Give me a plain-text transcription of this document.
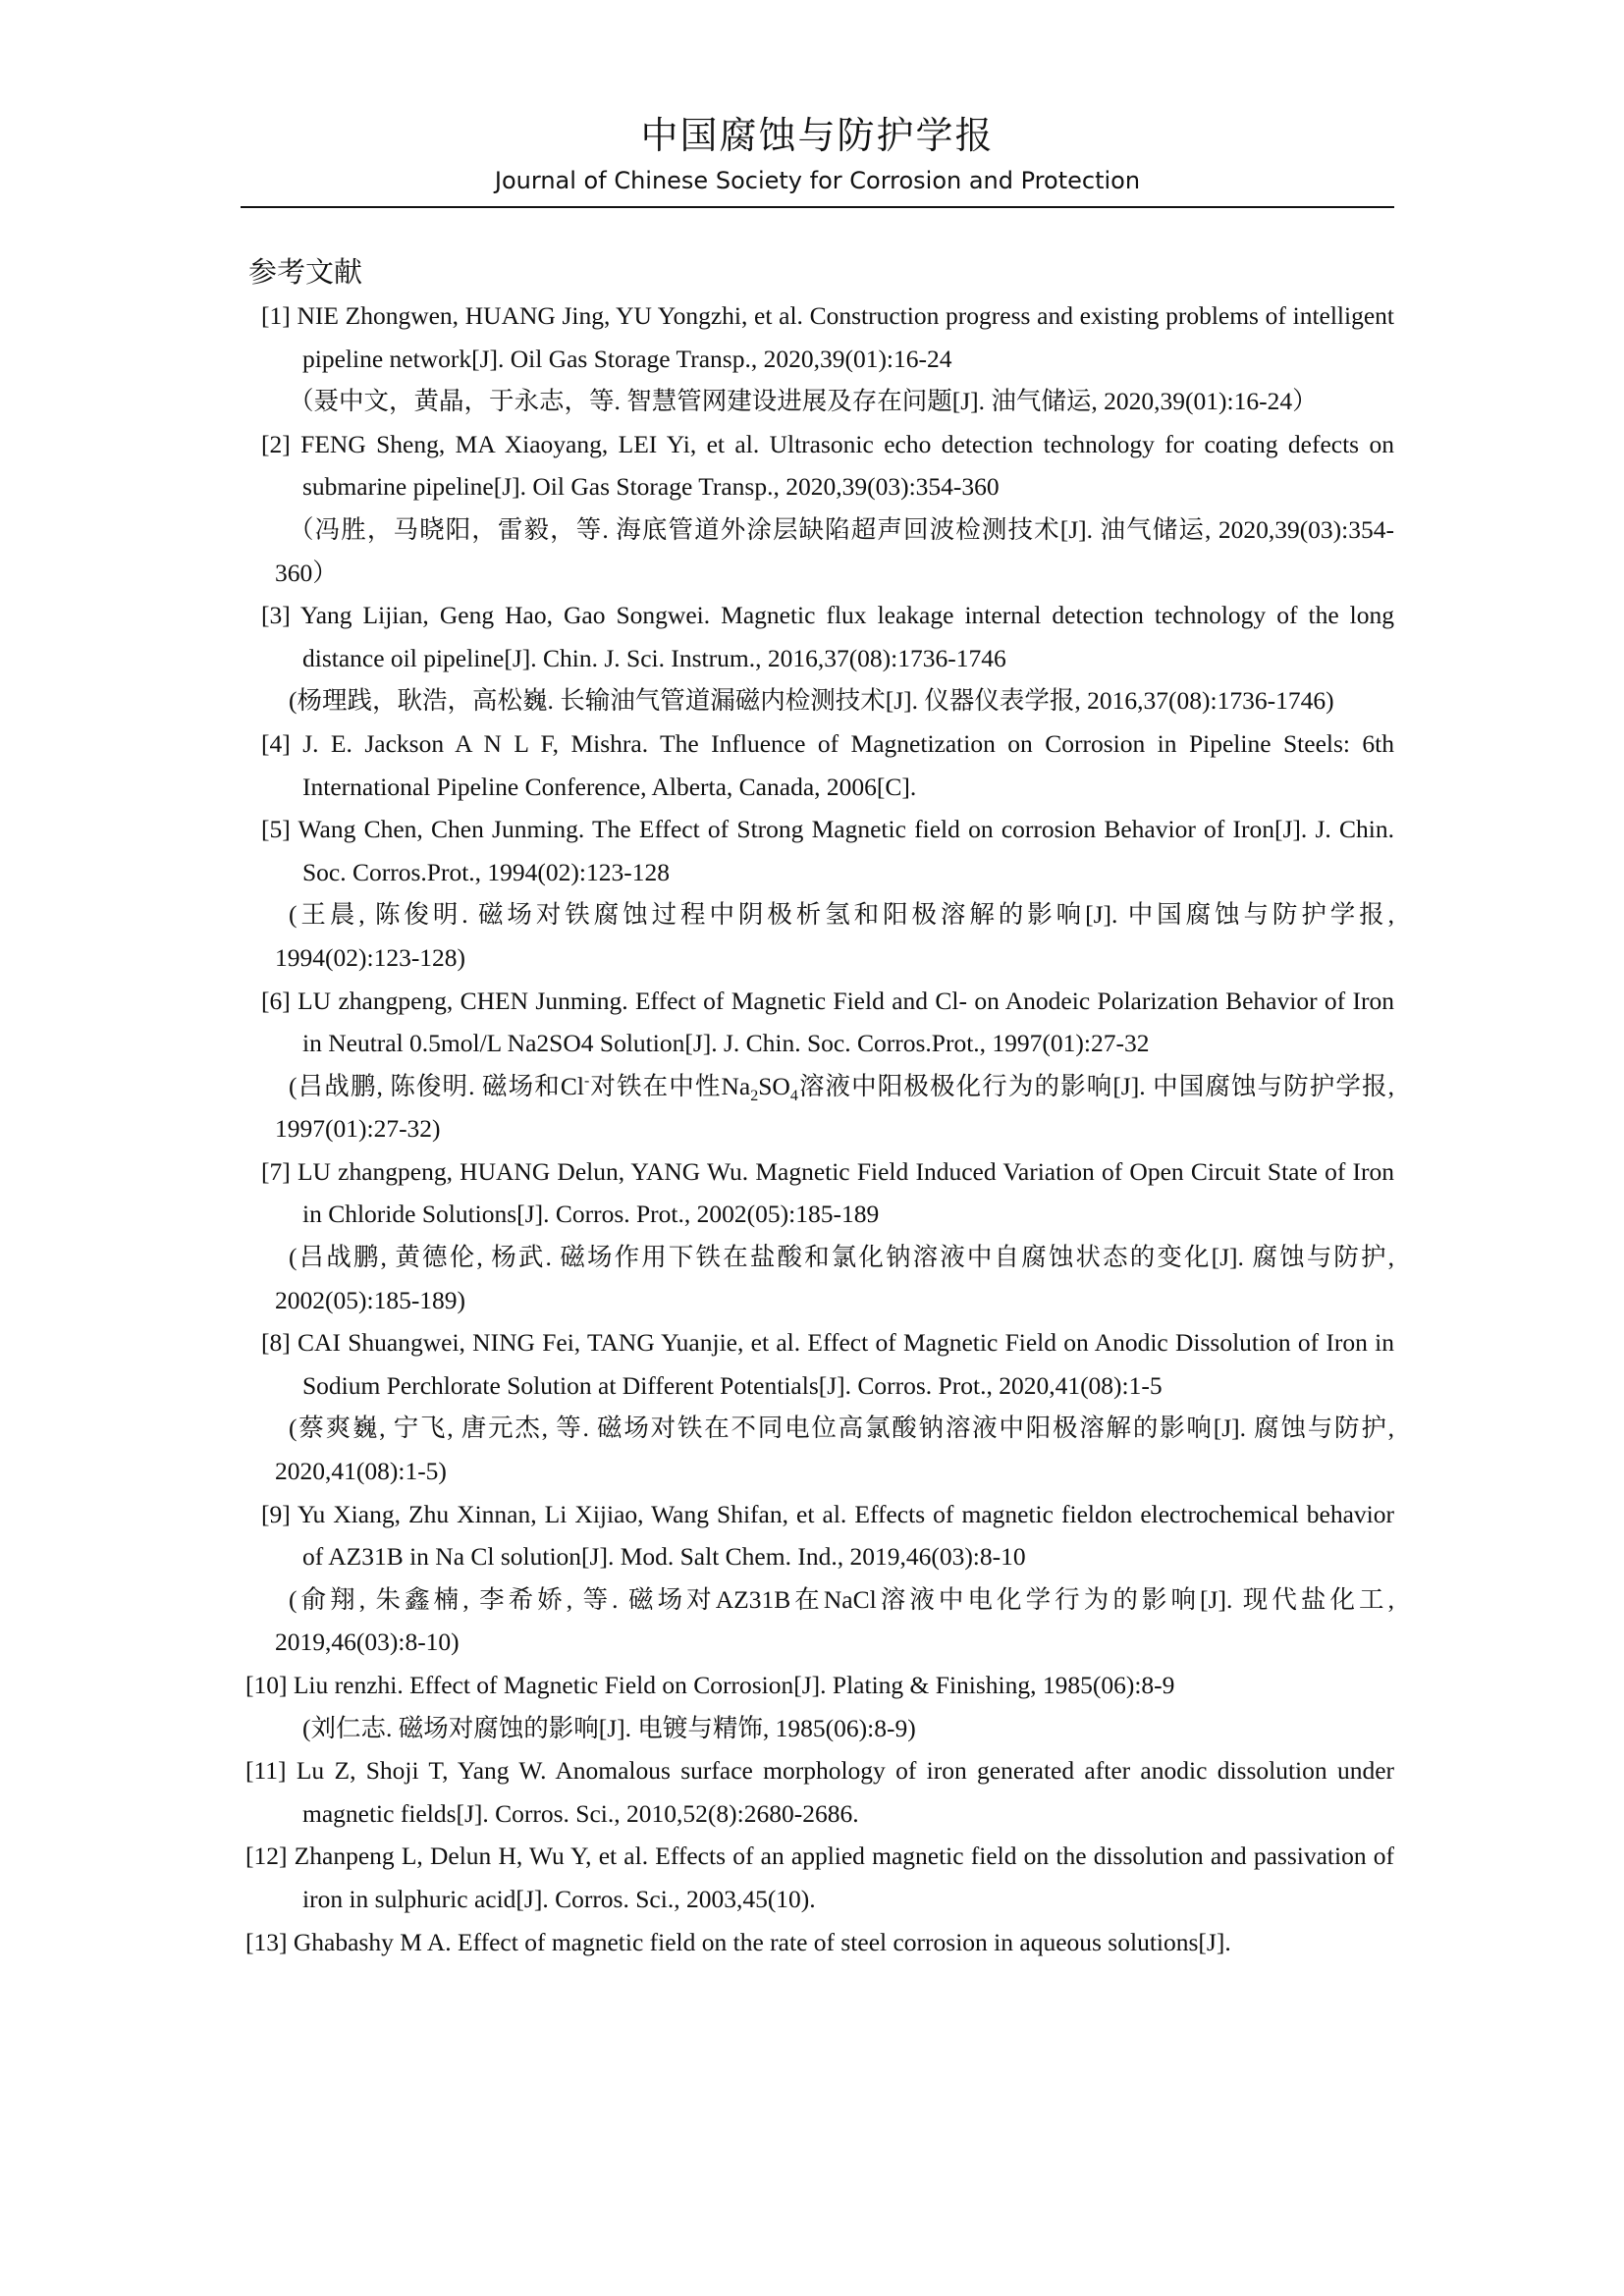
中国腐蚀与防护学报
Journal of Chinese Society for Corrosion and Protection
参考文献
[1] NIE Zhongwen, HUANG Jing, YU Yongzhi, et al. Construction progress and existing problems of intelligent pipeline network[J]. Oil Gas Storage Transp., 2020,39(01):16-24
（聂中文，黄晶，于永志，等. 智慧管网建设进展及存在问题[J]. 油气储运, 2020,39(01):16-24）
[2] FENG Sheng, MA Xiaoyang, LEI Yi, et al. Ultrasonic echo detection technology for coating defects on submarine pipeline[J]. Oil Gas Storage Transp., 2020,39(03):354-360
（冯胜，马晓阳，雷毅，等. 海底管道外涂层缺陷超声回波检测技术[J]. 油气储运, 2020,39(03):354-360）
[3] Yang Lijian, Geng Hao, Gao Songwei. Magnetic flux leakage internal detection technology of the long distance oil pipeline[J]. Chin. J. Sci. Instrum., 2016,37(08):1736-1746
(杨理践，耿浩，高松巍. 长输油气管道漏磁内检测技术[J]. 仪器仪表学报, 2016,37(08):1736-1746)
[4] J. E. Jackson A N L F, Mishra. The Influence of Magnetization on Corrosion in Pipeline Steels: 6th International Pipeline Conference, Alberta, Canada, 2006[C].
[5] Wang Chen, Chen Junming. The Effect of Strong Magnetic field on corrosion Behavior of Iron[J]. J. Chin. Soc. Corros.Prot., 1994(02):123-128
(王晨, 陈俊明. 磁场对铁腐蚀过程中阴极析氢和阳极溶解的影响[J]. 中国腐蚀与防护学报, 1994(02):123-128)
[6] LU zhangpeng, CHEN Junming. Effect of Magnetic Field and Cl- on Anodeic Polarization Behavior of Iron in Neutral 0.5mol/L Na2SO4 Solution[J]. J. Chin. Soc. Corros.Prot., 1997(01):27-32
(吕战鹏, 陈俊明. 磁场和Cl-对铁在中性$Na_2SO_4$溶液中阳极极化行为的影响[J]. 中国腐蚀与防护学报, 1997(01):27-32)
[7] LU zhangpeng, HUANG Delun, YANG Wu. Magnetic Field Induced Variation of Open Circuit State of Iron in Chloride Solutions[J]. Corros. Prot., 2002(05):185-189
(吕战鹏, 黄德伦, 杨武. 磁场作用下铁在盐酸和氯化钠溶液中自腐蚀状态的变化[J]. 腐蚀与防护, 2002(05):185-189)
[8] CAI Shuangwei, NING Fei, TANG Yuanjie, et al. Effect of Magnetic Field on Anodic Dissolution of Iron in Sodium Perchlorate Solution at Different Potentials[J]. Corros. Prot., 2020,41(08):1-5
(蔡爽巍, 宁飞, 唐元杰, 等. 磁场对铁在不同电位高氯酸钠溶液中阳极溶解的影响[J]. 腐蚀与防护, 2020,41(08):1-5)
[9] Yu Xiang, Zhu Xinnan, Li Xijiao, Wang Shifan, et al. Effects of magnetic fieldon electrochemical behavior of AZ31B in Na Cl solution[J]. Mod. Salt Chem. Ind., 2019,46(03):8-10
(俞翔, 朱鑫楠, 李希娇, 等. 磁场对AZ31B在NaCl溶液中电化学行为的影响[J]. 现代盐化工, 2019,46(03):8-10)
[10] Liu renzhi. Effect of Magnetic Field on Corrosion[J]. Plating & Finishing, 1985(06):8-9
(刘仁志. 磁场对腐蚀的影响[J]. 电镀与精饰, 1985(06):8-9)
[11] Lu Z, Shoji T, Yang W. Anomalous surface morphology of iron generated after anodic dissolution under magnetic fields[J]. Corros. Sci., 2010,52(8):2680-2686.
[12] Zhanpeng L, Delun H, Wu Y, et al. Effects of an applied magnetic field on the dissolution and passivation of iron in sulphuric acid[J]. Corros. Sci., 2003,45(10).
[13] Ghabashy M A. Effect of magnetic field on the rate of steel corrosion in aqueous solutions[J].
